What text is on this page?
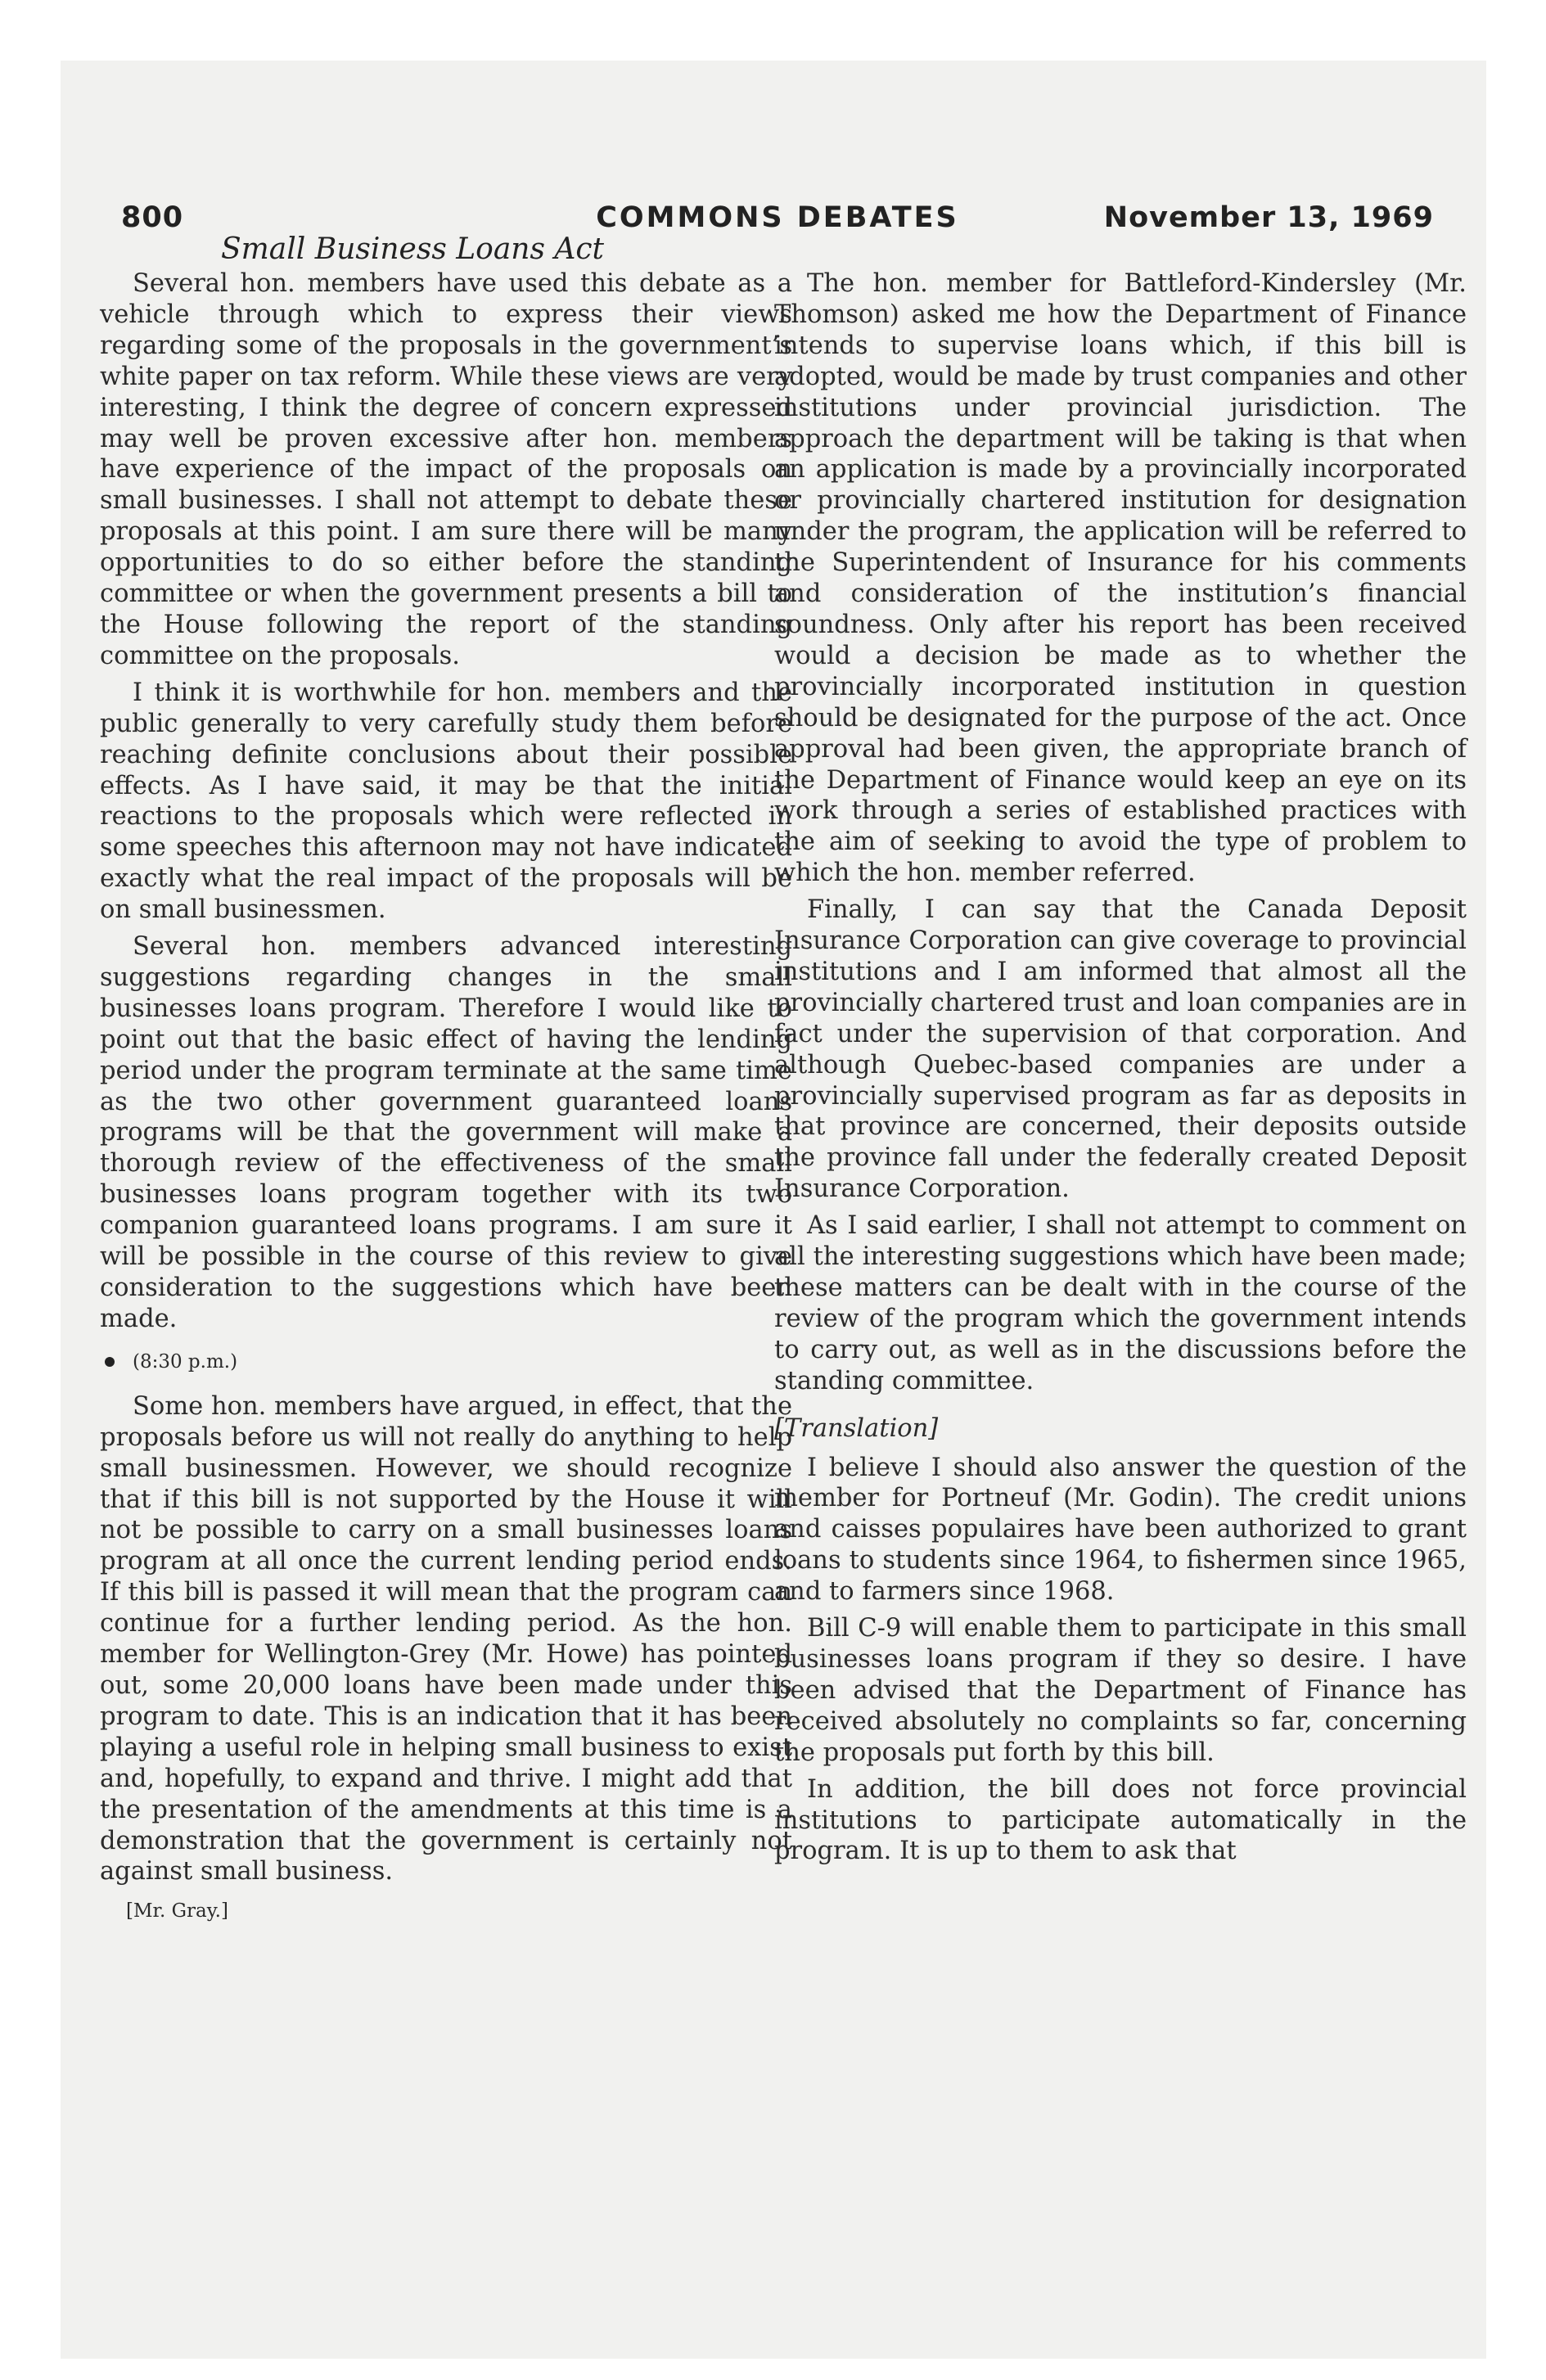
COMMONS DEBATES
800	November 13, 1969
Small Business Loans Act

Several hon. members have used this debate as a vehicle through which to express their views regarding some of the proposals in the government’s white paper on tax reform. While these views are very interesting, I think the degree of concern expressed may well be proven excessive after hon. members have experience of the impact of the proposals on small businesses. I shall not attempt to debate these proposals at this point. I am sure there will be many opportunities to do so either before the standing committee or when the government presents a bill to the House following the report of the standing committee on the proposals.

I think it is worthwhile for hon. members and the public generally to very carefully study them before reaching definite conclusions about their possible effects. As I have said, it may be that the initial reactions to the proposals which were reflected in some speeches this afternoon may not have indicated exactly what the real impact of the proposals will be on small businessmen.

Several hon. members advanced interesting suggestions regarding changes in the small businesses loans program. Therefore I would like to point out that the basic effect of having the lending period under the program terminate at the same time as the two other government guaranteed loans programs will be that the government will make a thorough review of the effectiveness of the small businesses loans program together with its two companion guaranteed loans programs. I am sure it will be possible in the course of this review to give consideration to the suggestions which have been made.

(8:30 p.m.)

Some hon. members have argued, in effect, that the proposals before us will not really do anything to help small businessmen. However, we should recognize that if this bill is not supported by the House it will not be possible to carry on a small businesses loans program at all once the current lending period ends. If this bill is passed it will mean that the program can continue for a further lending period. As the hon. member for Wellington-Grey (Mr. Howe) has pointed out, some 20,000 loans have been made under this program to date. This is an indication that it has been playing a useful role in helping small business to exist and, hopefully, to expand and thrive. I might add that the presentation of the amendments at this time is a demonstration that the government is certainly not against small business.

[Mr. Gray.]

The hon. member for Battleford-Kindersley (Mr. Thomson) asked me how the Department of Finance intends to supervise loans which, if this bill is adopted, would be made by trust companies and other institutions under provincial jurisdiction. The approach the department will be taking is that when an application is made by a provincially incorporated or provincially chartered institution for designation under the program, the application will be referred to the Superintendent of Insurance for his comments and consideration of the institution’s financial soundness. Only after his report has been received would a decision be made as to whether the provincially incorporated institution in question should be designated for the purpose of the act. Once approval had been given, the appropriate branch of the Department of Finance would keep an eye on its work through a series of established practices with the aim of seeking to avoid the type of problem to which the hon. member referred.

Finally, I can say that the Canada Deposit Insurance Corporation can give coverage to provincial institutions and I am informed that almost all the provincially chartered trust and loan companies are in fact under the supervision of that corporation. And although Quebec-based companies are under a provincially supervised program as far as deposits in that province are concerned, their deposits outside the province fall under the federally created Deposit Insurance Corporation.

As I said earlier, I shall not attempt to comment on all the interesting suggestions which have been made; these matters can be dealt with in the course of the review of the program which the government intends to carry out, as well as in the discussions before the standing committee.

[Translation]

I believe I should also answer the question of the member for Portneuf (Mr. Godin). The credit unions and caisses populaires have been authorized to grant loans to students since 1964, to fishermen since 1965, and to farmers since 1968.

Bill C-9 will enable them to participate in this small businesses loans program if they so desire. I have been advised that the Department of Finance has received absolutely no complaints so far, concerning the proposals put forth by this bill.

In addition, the bill does not force provincial institutions to participate automatically in the program. It is up to them to ask that
